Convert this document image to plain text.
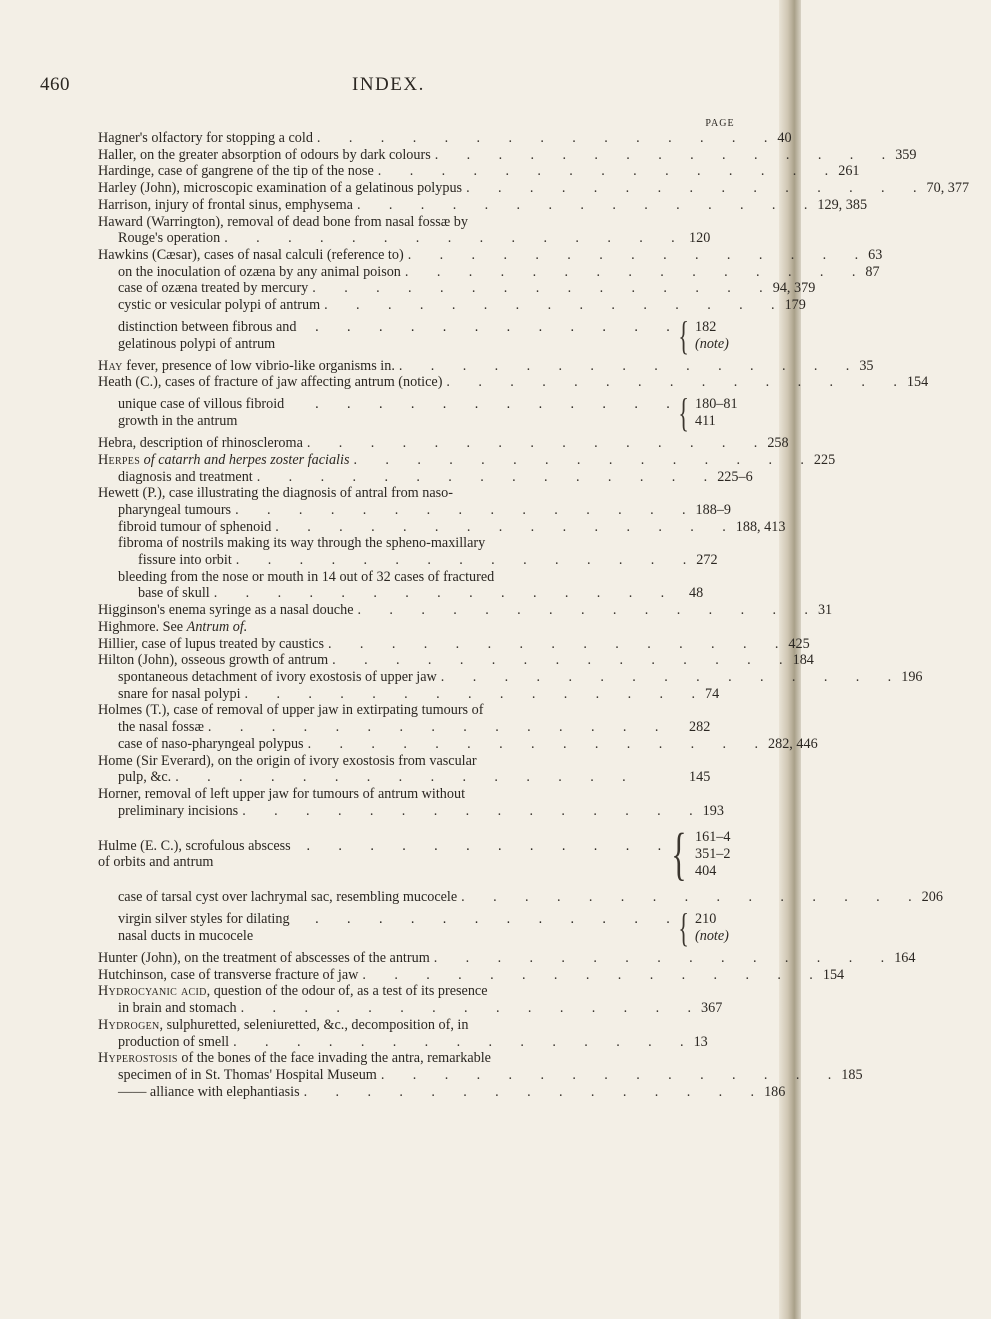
460	INDEX.
PAGE
Hagner's olfactory for stopping a cold .	40
Haller, on the greater absorption of odours by dark colours .	359
Hardinge, case of gangrene of the tip of the nose .	261
Harley (John), microscopic examination of a gelatinous polypus .	70, 377
Harrison, injury of frontal sinus, emphysema .	129, 385
Haward (Warrington), removal of dead bone from nasal fossæ by
Rouge's operation .	120
Hawkins (Cæsar), cases of nasal calculi (reference to) .	63
on the inoculation of ozæna by any animal poison .	87
case of ozæna treated by mercury .	94, 379
cystic or vesicular polypi of antrum .	179
distinction between fibrous and gelatinous polypi of antrum .	{ 182
(note)
Hay fever, presence of low vibrio-like organisms in. .	35
Heath (C.), cases of fracture of jaw affecting antrum (notice) .	154
unique case of villous fibroid growth in the antrum .	{ 180–81
411
Hebra, description of rhinoscleroma .	258
Herpes of catarrh and herpes zoster facialis .	225
diagnosis and treatment .	225–6
Hewett (P.), case illustrating the diagnosis of antral from naso-
pharyngeal tumours .	188–9
fibroid tumour of sphenoid .	188, 413
fibroma of nostrils making its way through the spheno-maxillary
fissure into orbit .	272
bleeding from the nose or mouth in 14 out of 32 cases of fractured
base of skull .	48
Higginson's enema syringe as a nasal douche .	31
Highmore. See Antrum of.
Hillier, case of lupus treated by caustics .	425
Hilton (John), osseous growth of antrum .	184
spontaneous detachment of ivory exostosis of upper jaw .	196
snare for nasal polypi .	74
Holmes (T.), case of removal of upper jaw in extirpating tumours of
the nasal fossæ .	282
case of naso-pharyngeal polypus .	282, 446
Home (Sir Everard), on the origin of ivory exostosis from vascular
pulp, &c. .	145
Horner, removal of left upper jaw for tumours of antrum without
preliminary incisions .	193
Hulme (E. C.), scrofulous abscess of orbits and antrum .	{ 161–4
351–2
404
case of tarsal cyst over lachrymal sac, resembling mucocele .	206
virgin silver styles for dilating nasal ducts in mucocele .	{ 210
(note)
Hunter (John), on the treatment of abscesses of the antrum .	164
Hutchinson, case of transverse fracture of jaw .	154
Hydrocyanic acid, question of the odour of, as a test of its presence
in brain and stomach .	367
Hydrogen, sulphuretted, seleniuretted, &c., decomposition of, in
production of smell .	13
Hyperostosis of the bones of the face invading the antra, remarkable
specimen of in St. Thomas' Hospital Museum .	185
—— alliance with elephantiasis .	186
